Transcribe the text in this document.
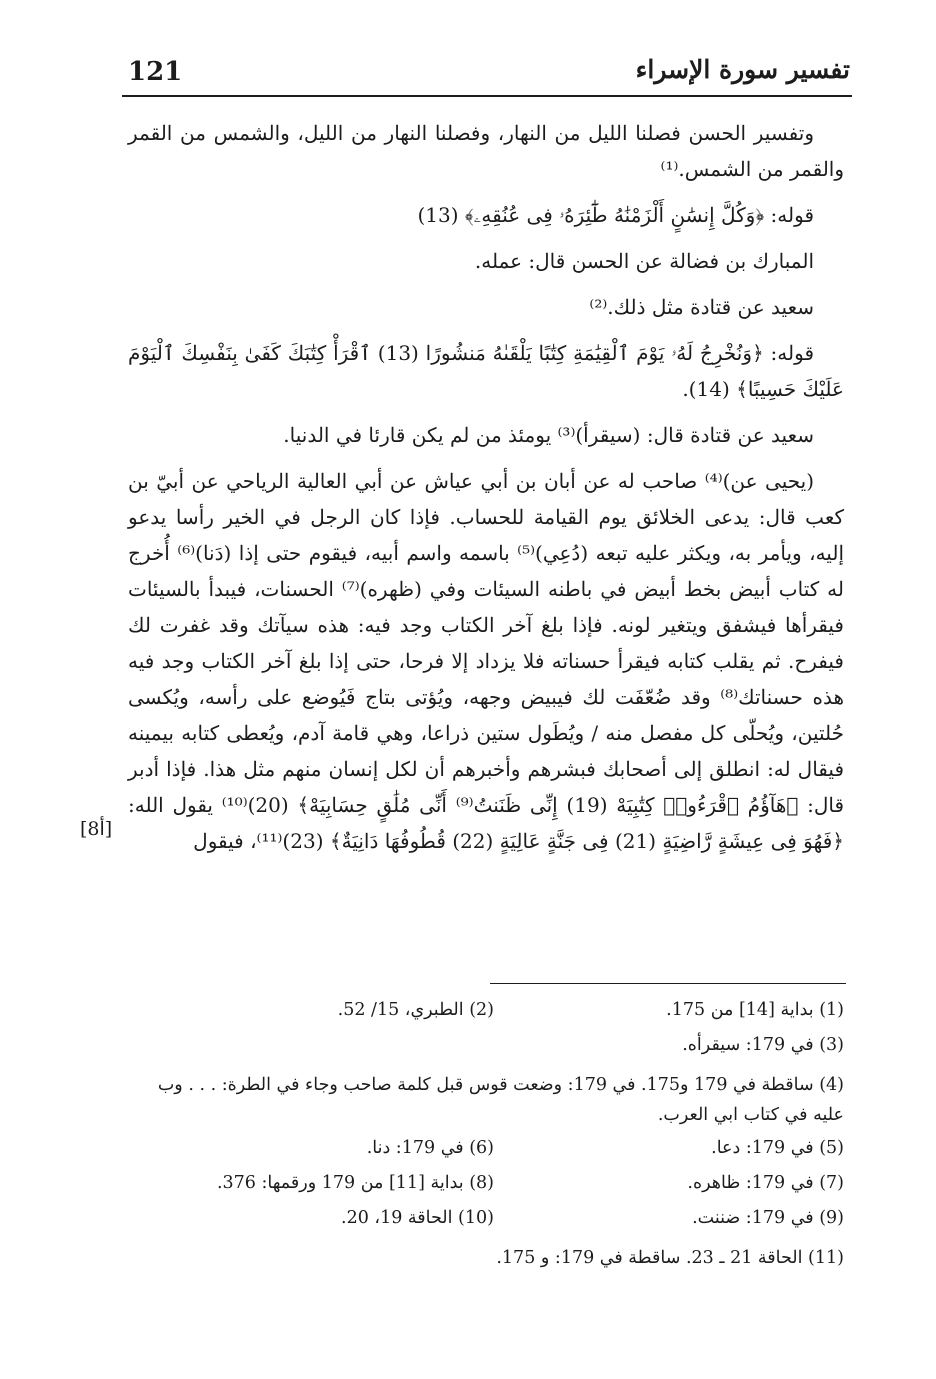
121	تفسير سورة الإسراء

وتفسير الحسن فصلنا الليل من النهار، وفصلنا النهار من الليل، والشمس من القمر والقمر من الشمس.⁽¹⁾

قوله: ﴿وَكُلَّ إِنسَٰنٍ أَلْزَمْنَٰهُ طَٰٓئِرَهُۥ فِى عُنُقِهِۦ﴾ (13)

المبارك بن فضالة عن الحسن قال: عمله.

سعيد عن قتادة مثل ذلك.⁽²⁾

قوله: ﴿وَنُخْرِجُ لَهُۥ يَوْمَ ٱلْقِيَٰمَةِ كِتَٰبًا يَلْقَىٰهُ مَنشُورًا (13) ٱقْرَأْ كِتَٰبَكَ كَفَىٰ بِنَفْسِكَ ٱلْيَوْمَ عَلَيْكَ حَسِيبًا﴾ (14).

سعيد عن قتادة قال: (سيقرأ)⁽³⁾ يومئذ من لم يكن قارئا في الدنيا.

(يحيى عن)⁽⁴⁾ صاحب له عن أبان بن أبي عياش عن أبي العالية الرياحي عن أبيّ بن كعب قال: يدعى الخلائق يوم القيامة للحساب. فإذا كان الرجل في الخير رأسا يدعو إليه، ويأمر به، ويكثر عليه تبعه (دُعِي)⁽⁵⁾ باسمه واسم أبيه، فيقوم حتى إذا (دَنا)⁽⁶⁾ أُخرج له كتاب أبيض بخط أبيض في باطنه السيئات وفي (ظهره)⁽⁷⁾ الحسنات، فيبدأ بالسيئات فيقرأها فيشفق ويتغير لونه. فإذا بلغ آخر الكتاب وجد فيه: هذه سيآتك وقد غفرت لك فيفرح. ثم يقلب كتابه فيقرأ حسناته فلا يزداد إلا فرحا، حتى إذا بلغ آخر الكتاب وجد فيه هذه حسناتك⁽⁸⁾ وقد ضُعّفَت لك فيبيض وجهه، ويُؤتى بتاج فَيُوضع على رأسه، ويُكسى حُلتين، ويُحلّى كل مفصل منه / ويُطَول ستين ذراعا، وهي قامة آدم، ويُعطى كتابه بيمينه فيقال له: انطلق إلى أصحابك فبشرهم وأخبرهم أن لكل إنسان منهم مثل هذا. فإذا أدبر قال: ﴿هَآؤُمُ ٱقْرَءُوا۟ كِتَٰبِيَهْ (19) إِنِّى ظَنَنتُ⁽⁹⁾ أَنِّى مُلَٰقٍ حِسَابِيَهْ﴾ (20)⁽¹⁰⁾ يقول الله: ﴿فَهُوَ فِى عِيشَةٍ رَّاضِيَةٍ (21) فِى جَنَّةٍ عَالِيَةٍ (22) قُطُوفُهَا دَانِيَةٌ﴾ (23)⁽¹¹⁾، فيقول

[8أ]
(1) بداية [14] من 175.
(2) الطبري، 15/ 52.
(3) في 179: سيقرأه.
(4) ساقطة في 179 و175. في 179: وضعت قوس قبل كلمة صاحب وجاء في الطرة: . . . وب عليه في كتاب ابي العرب.
(5) في 179: دعا.
(6) في 179: دنا.
(7) في 179: ظاهره.
(8) بداية [11] من 179 ورقمها: 376.
(9) في 179: ضننت.
(10) الحاقة 19، 20.
(11) الحاقة 21 ـ 23. ساقطة في 179: و 175.
